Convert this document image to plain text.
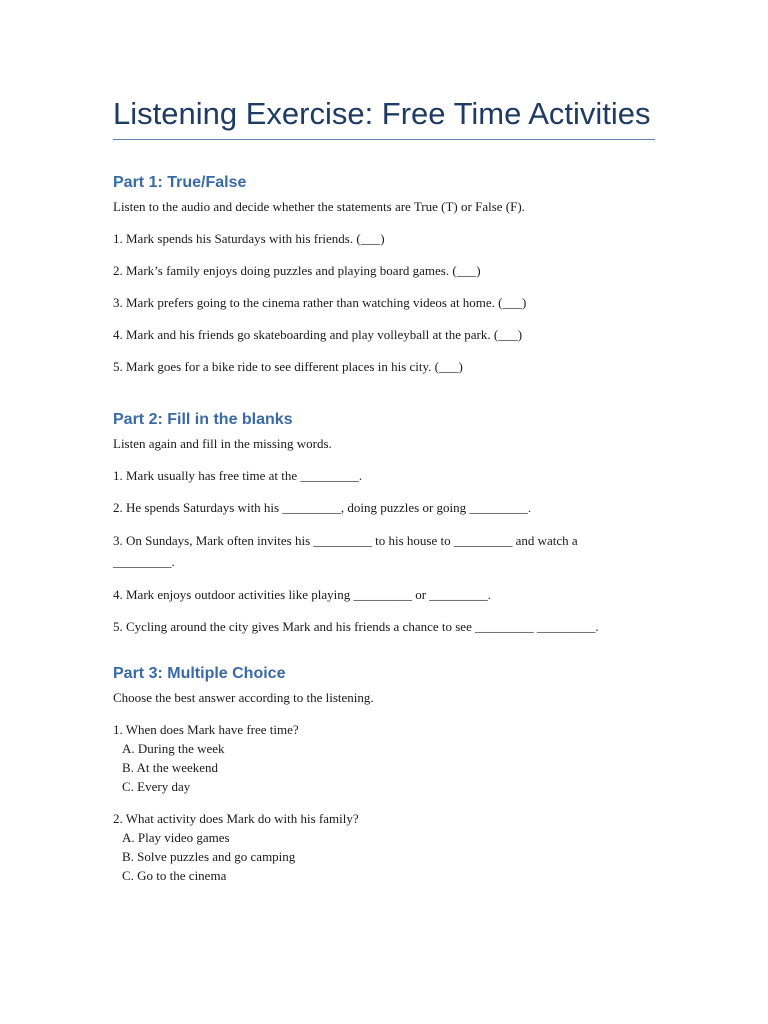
Listening Exercise: Free Time Activities
Part 1: True/False

Listen to the audio and decide whether the statements are True (T) or False (F).

1. Mark spends his Saturdays with his friends. (___)

2. Mark’s family enjoys doing puzzles and playing board games. (___)

3. Mark prefers going to the cinema rather than watching videos at home. (___)

4. Mark and his friends go skateboarding and play volleyball at the park. (___)

5. Mark goes for a bike ride to see different places in his city. (___)

Part 2: Fill in the blanks

Listen again and fill in the missing words.

1. Mark usually has free time at the _________.

2. He spends Saturdays with his _________, doing puzzles or going _________.

3. On Sundays, Mark often invites his _________ to his house to _________ and watch a _________.

4. Mark enjoys outdoor activities like playing _________ or _________.

5. Cycling around the city gives Mark and his friends a chance to see _________ _________.

Part 3: Multiple Choice

Choose the best answer according to the listening.

1. When does Mark have free time?

A. During the week

B. At the weekend

C. Every day

2. What activity does Mark do with his family?

A. Play video games

B. Solve puzzles and go camping

C. Go to the cinema
